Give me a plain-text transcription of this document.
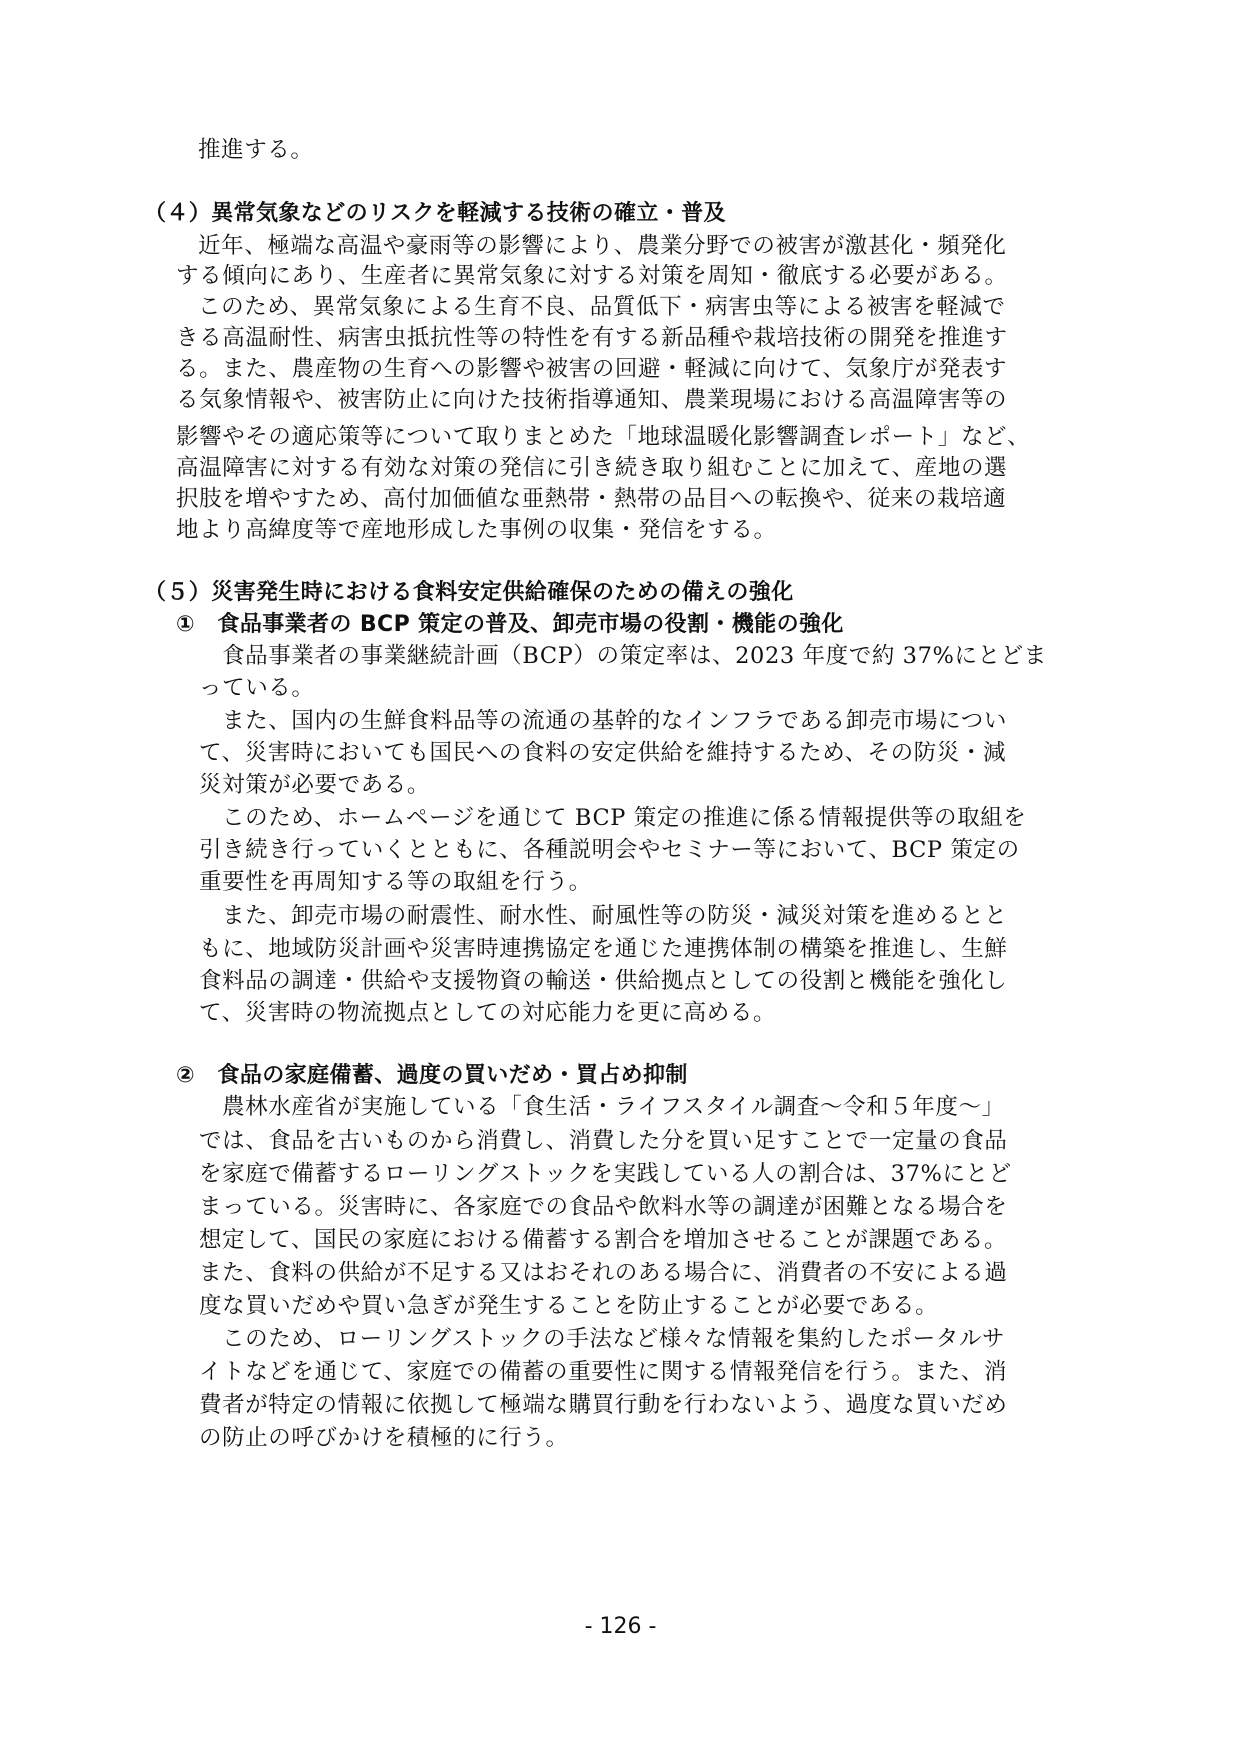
推進する。
（４）異常気象などのリスクを軽減する技術の確立・普及
近年、極端な高温や豪雨等の影響により、農業分野での被害が激甚化・頻発化
する傾向にあり、生産者に異常気象に対する対策を周知・徹底する必要がある。
このため、異常気象による生育不良、品質低下・病害虫等による被害を軽減で
きる高温耐性、病害虫抵抗性等の特性を有する新品種や栽培技術の開発を推進す
る。また、農産物の生育への影響や被害の回避・軽減に向けて、気象庁が発表す
る気象情報や、被害防止に向けた技術指導通知、農業現場における高温障害等の
影響やその適応策等について取りまとめた「地球温暖化影響調査レポート」など、
高温障害に対する有効な対策の発信に引き続き取り組むことに加えて、産地の選
択肢を増やすため、高付加価値な亜熱帯・熱帯の品目への転換や、従来の栽培適
地より高緯度等で産地形成した事例の収集・発信をする。
（５）災害発生時における食料安定供給確保のための備えの強化
①　食品事業者の BCP 策定の普及、卸売市場の役割・機能の強化
食品事業者の事業継続計画（BCP）の策定率は、2023 年度で約 37%にとどま
っている。
また、国内の生鮮食料品等の流通の基幹的なインフラである卸売市場につい
て、災害時においても国民への食料の安定供給を維持するため、その防災・減
災対策が必要である。
このため、ホームページを通じて BCP 策定の推進に係る情報提供等の取組を
引き続き行っていくとともに、各種説明会やセミナー等において、BCP 策定の
重要性を再周知する等の取組を行う。
また、卸売市場の耐震性、耐水性、耐風性等の防災・減災対策を進めるとと
もに、地域防災計画や災害時連携協定を通じた連携体制の構築を推進し、生鮮
食料品の調達・供給や支援物資の輸送・供給拠点としての役割と機能を強化し
て、災害時の物流拠点としての対応能力を更に高める。
②　食品の家庭備蓄、過度の買いだめ・買占め抑制
農林水産省が実施している「食生活・ライフスタイル調査～令和５年度～」
では、食品を古いものから消費し、消費した分を買い足すことで一定量の食品
を家庭で備蓄するローリングストックを実践している人の割合は、37%にとど
まっている。災害時に、各家庭での食品や飲料水等の調達が困難となる場合を
想定して、国民の家庭における備蓄する割合を増加させることが課題である。
また、食料の供給が不足する又はおそれのある場合に、消費者の不安による過
度な買いだめや買い急ぎが発生することを防止することが必要である。
このため、ローリングストックの手法など様々な情報を集約したポータルサ
イトなどを通じて、家庭での備蓄の重要性に関する情報発信を行う。また、消
費者が特定の情報に依拠して極端な購買行動を行わないよう、過度な買いだめ
の防止の呼びかけを積極的に行う。
- 126 -
